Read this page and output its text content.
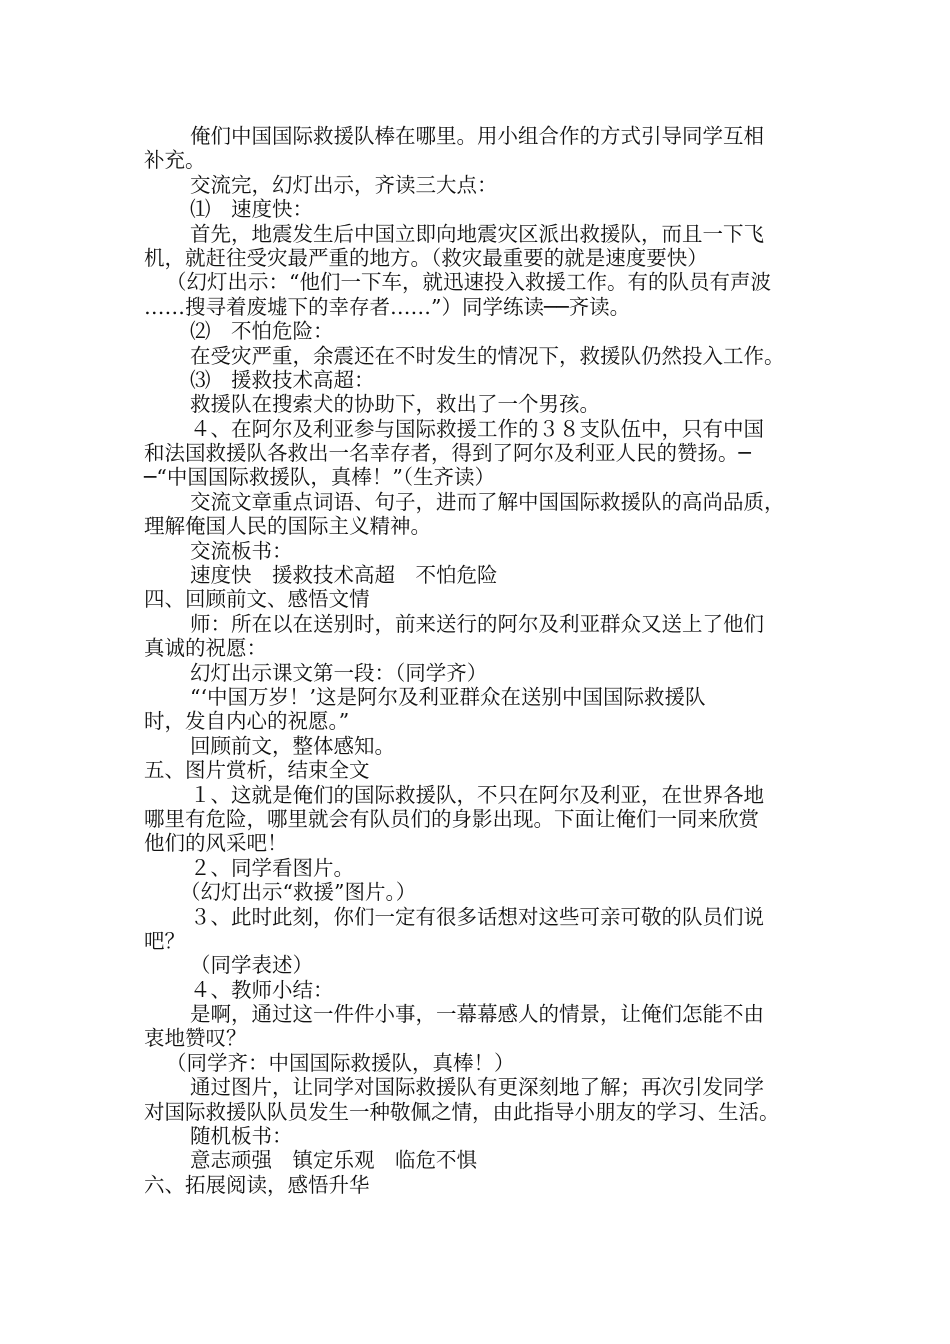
俺们中国国际救援队棒在哪里。用小组合作的方式引导同学互相
补充。
交流完，幻灯出示，齐读三大点：
⑴　速度快：
首先，地震发生后中国立即向地震灾区派出救援队，而且一下飞
机，就赶往受灾最严重的地方。（救灾最重要的就是速度要快）
（幻灯出示：“他们一下车，就迅速投入救援工作。有的队员有声波
……搜寻着废墟下的幸存者……”）同学练读──齐读。
⑵　不怕危险：
在受灾严重，余震还在不时发生的情况下，救援队仍然投入工作。
⑶　援救技术高超：
救援队在搜索犬的协助下，救出了一个男孩。
４、在阿尔及利亚参与国际救援工作的３８支队伍中，只有中国
和法国救援队各救出一名幸存者，得到了阿尔及利亚人民的赞扬。─
─“中国国际救援队，真棒！”（生齐读）
交流文章重点词语、句子，进而了解中国国际救援队的高尚品质，
理解俺国人民的国际主义精神。
交流板书：
速度快　援救技术高超　不怕危险
四、回顾前文、感悟文情
师：所在以在送别时，前来送行的阿尔及利亚群众又送上了他们
真诚的祝愿：
幻灯出示课文第一段：（同学齐）
“‘中国万岁！’这是阿尔及利亚群众在送别中国国际救援队
时，发自内心的祝愿。”
回顾前文，整体感知。
五、图片赏析，结束全文
１、这就是俺们的国际救援队，不只在阿尔及利亚，在世界各地
哪里有危险，哪里就会有队员们的身影出现。下面让俺们一同来欣赏
他们的风采吧！
２、同学看图片。
（幻灯出示“救援”图片。）
３、此时此刻，你们一定有很多话想对这些可亲可敬的队员们说
吧？
（同学表述）
４、教师小结：
是啊，通过这一件件小事，一幕幕感人的情景，让俺们怎能不由
衷地赞叹？
（同学齐：中国国际救援队，真棒！）
通过图片，让同学对国际救援队有更深刻地了解；再次引发同学
对国际救援队队员发生一种敬佩之情，由此指导小朋友的学习、生活。
随机板书：
意志顽强　镇定乐观　临危不惧
六、拓展阅读，感悟升华
